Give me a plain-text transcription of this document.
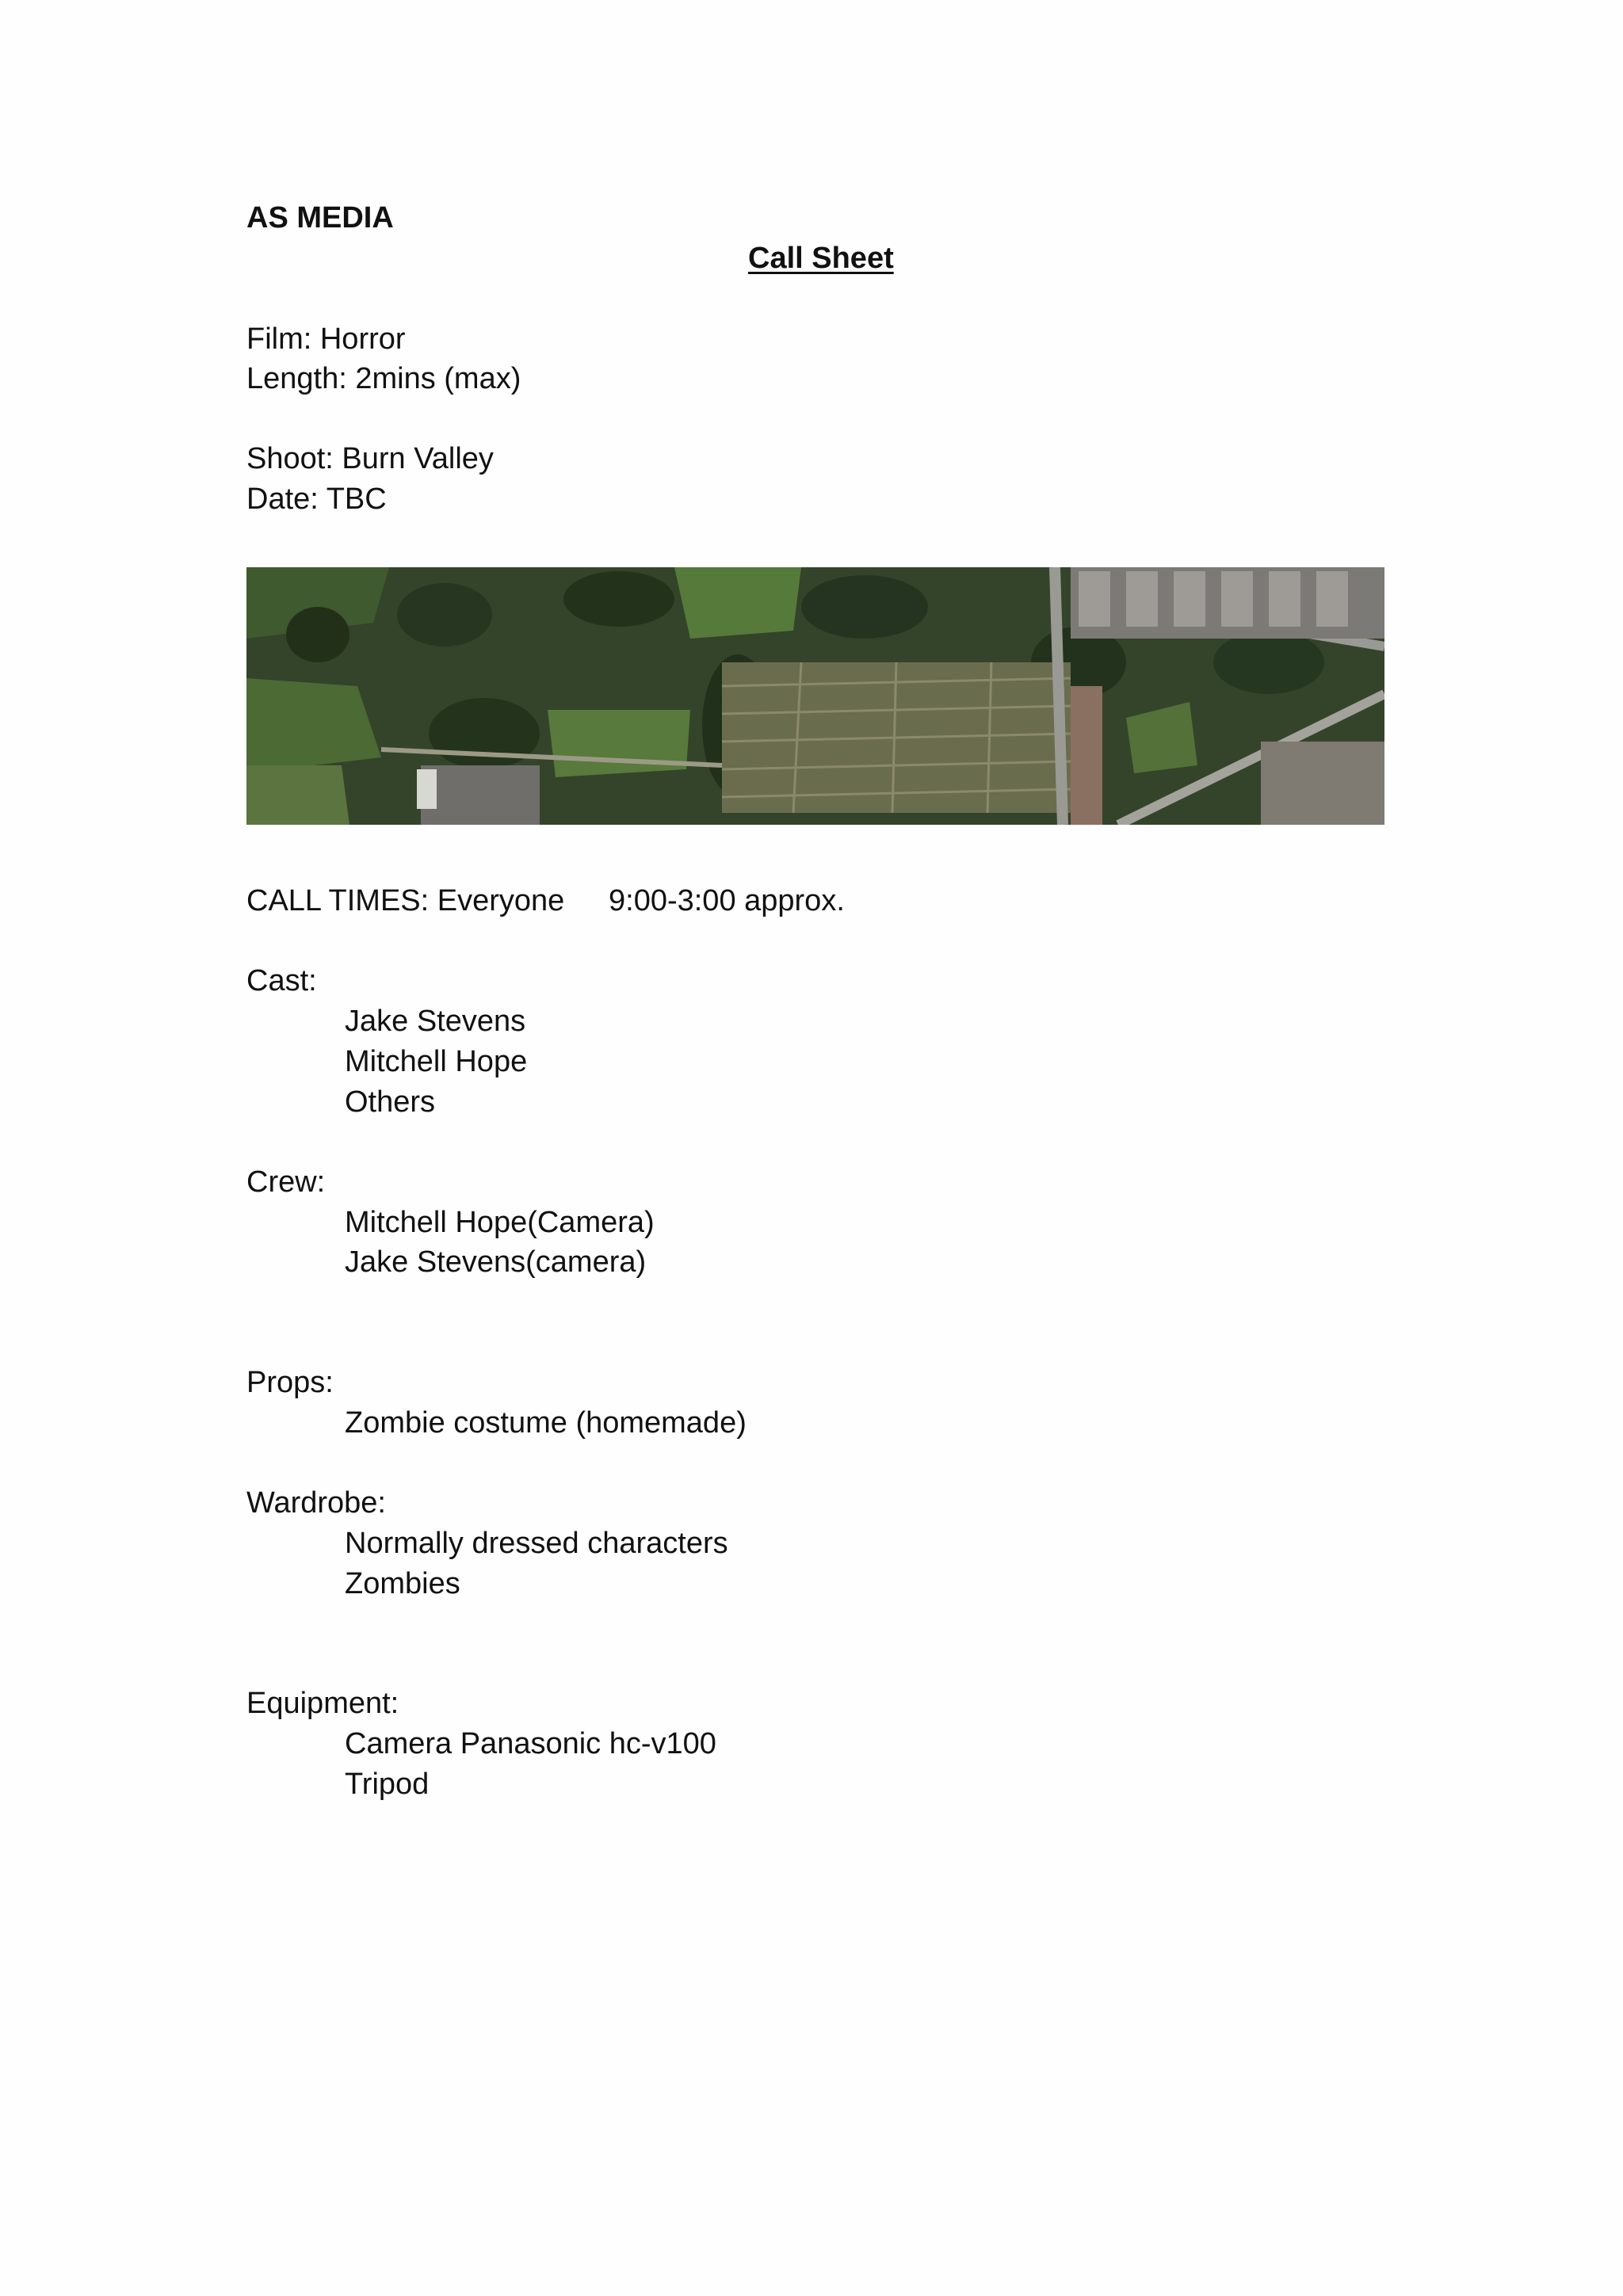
AS MEDIA
Call Sheet
Film: Horror
Length: 2mins (max)
Shoot: Burn Valley
Date: TBC
CALL TIMES: Everyone 9:00-3:00 approx.
Cast:
Jake Stevens
Mitchell Hope
Others
Crew:
Mitchell Hope(Camera)
Jake Stevens(camera)
Props:
Zombie costume (homemade)
Wardrobe:
Normally dressed characters
Zombies
Equipment:
Camera Panasonic hc-v100
Tripod
